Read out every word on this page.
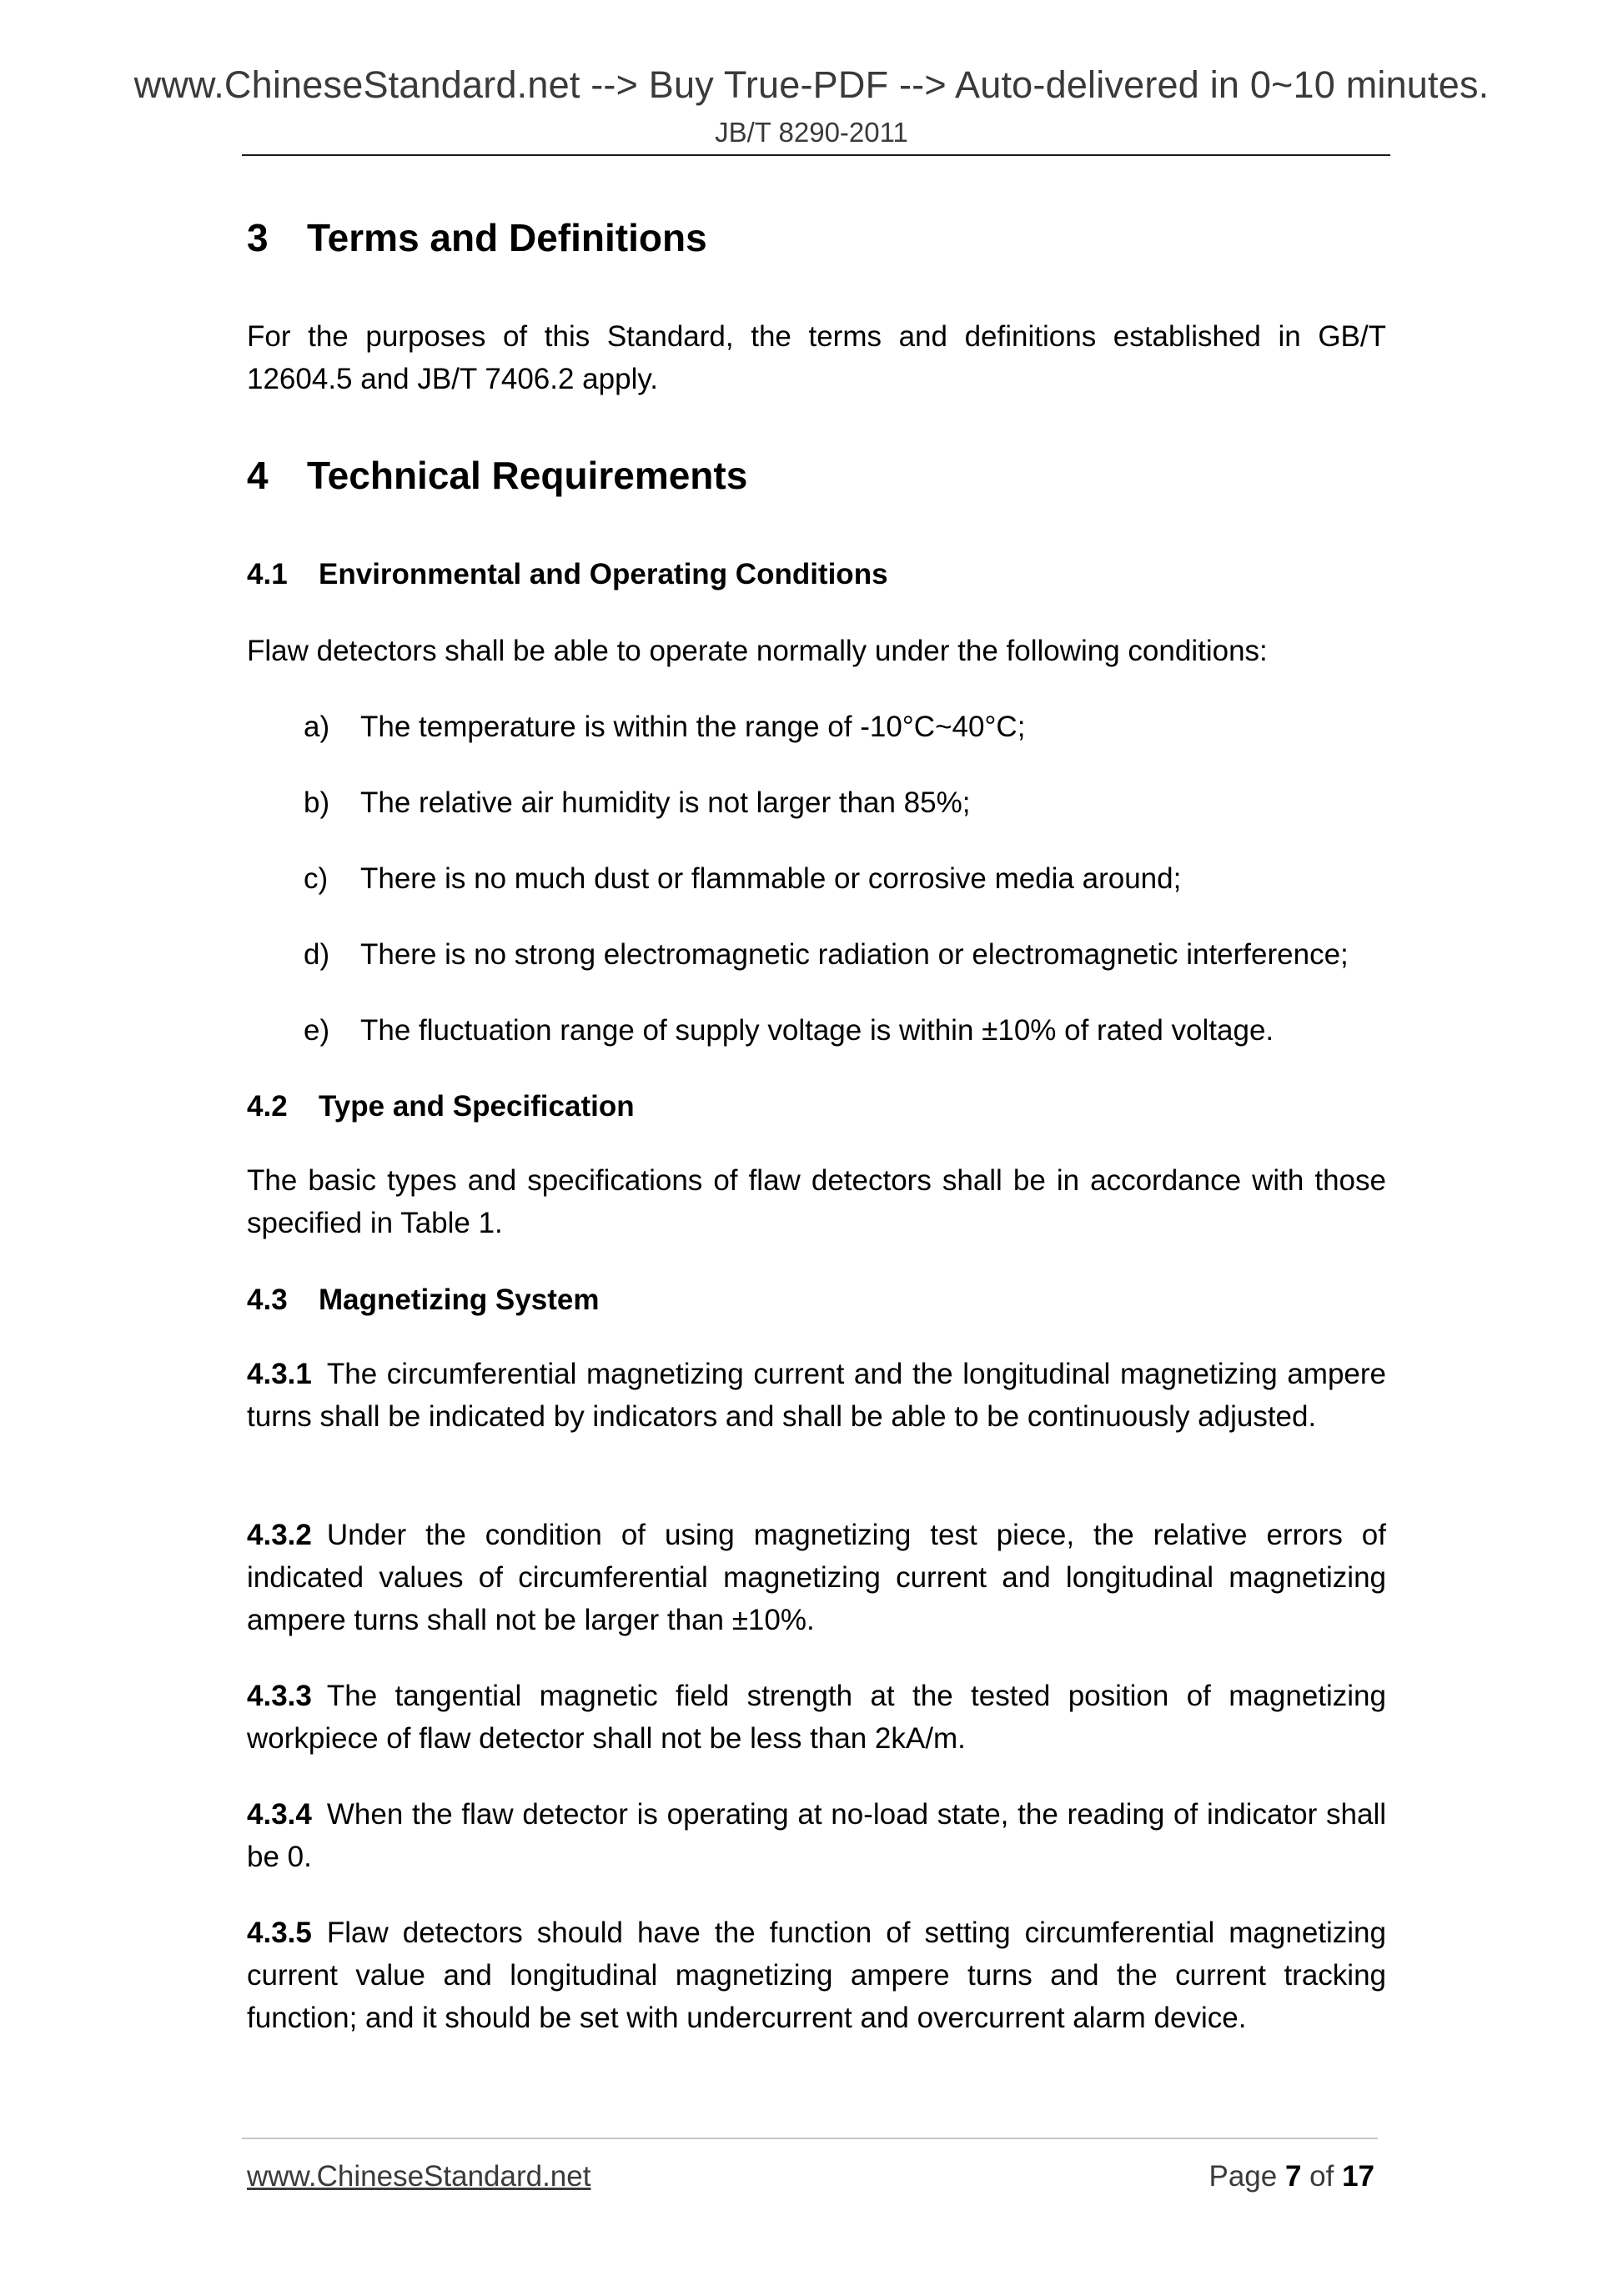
www.ChineseStandard.net --> Buy True-PDF --> Auto-delivered in 0~10 minutes.
JB/T 8290-2011
3 Terms and Definitions
For the purposes of this Standard, the terms and definitions established in GB/T 12604.5 and JB/T 7406.2 apply.
4 Technical Requirements
4.1 Environmental and Operating Conditions
Flaw detectors shall be able to operate normally under the following conditions:
a) The temperature is within the range of -10°C~40°C;
b) The relative air humidity is not larger than 85%;
c) There is no much dust or flammable or corrosive media around;
d) There is no strong electromagnetic radiation or electromagnetic interference;
e) The fluctuation range of supply voltage is within ±10% of rated voltage.
4.2 Type and Specification
The basic types and specifications of flaw detectors shall be in accordance with those specified in Table 1.
4.3 Magnetizing System
4.3.1 The circumferential magnetizing current and the longitudinal magnetizing ampere turns shall be indicated by indicators and shall be able to be continuously adjusted.
4.3.2 Under the condition of using magnetizing test piece, the relative errors of indicated values of circumferential magnetizing current and longitudinal magnetizing ampere turns shall not be larger than ±10%.
4.3.3 The tangential magnetic field strength at the tested position of magnetizing workpiece of flaw detector shall not be less than 2kA/m.
4.3.4 When the flaw detector is operating at no-load state, the reading of indicator shall be 0.
4.3.5 Flaw detectors should have the function of setting circumferential magnetizing current value and longitudinal magnetizing ampere turns and the current tracking function; and it should be set with undercurrent and overcurrent alarm device.
www.ChineseStandard.net	Page 7 of 17
